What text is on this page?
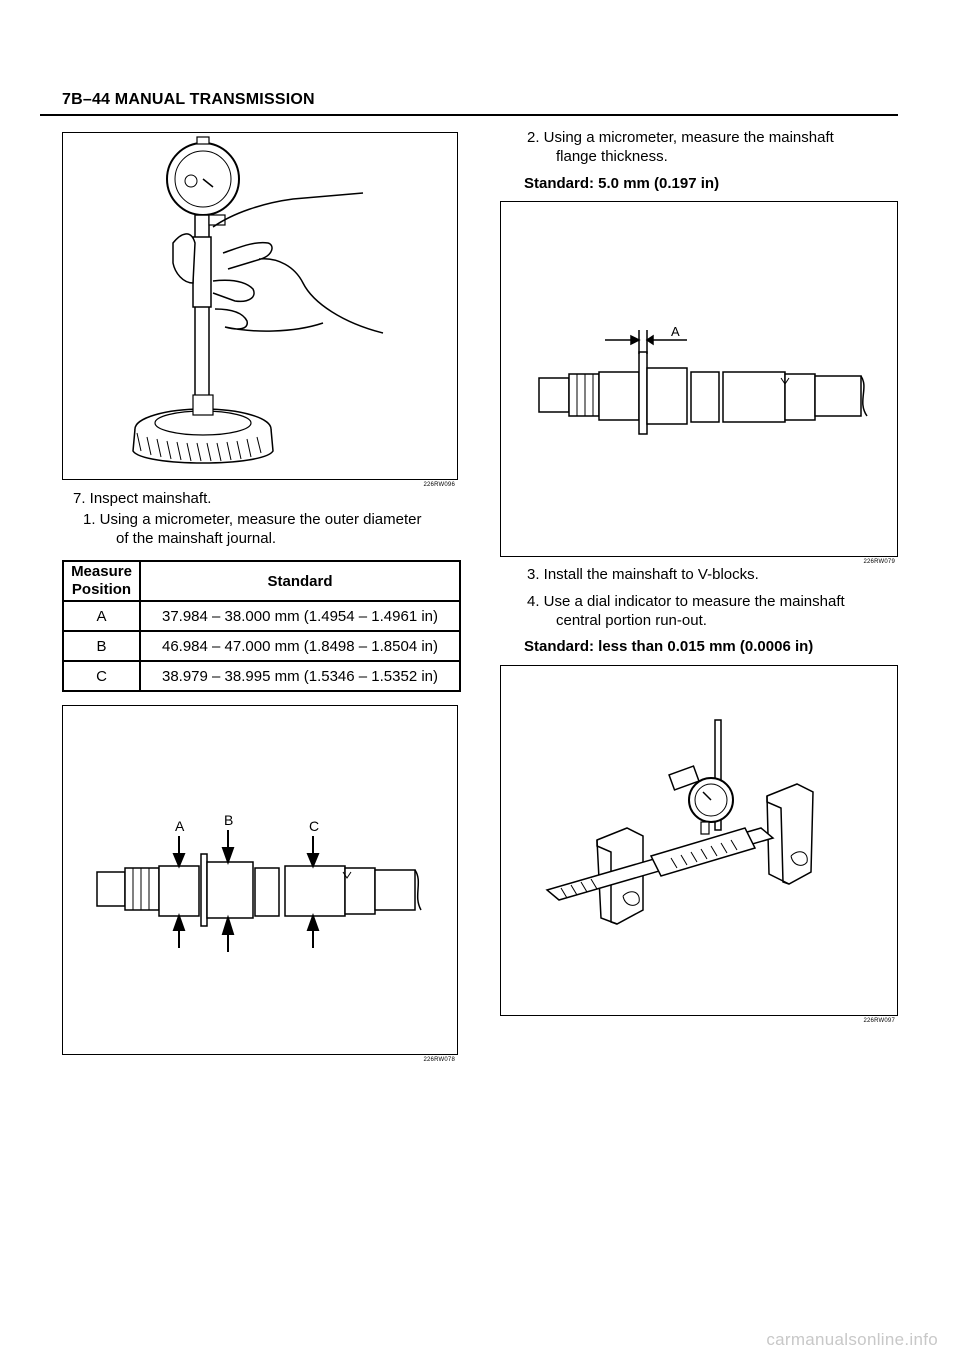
7B–44 MANUAL TRANSMISSION
226RW096
7. Inspect mainshaft.
1. Using a micrometer, measure the outer diameter
of the mainshaft journal.
Measure
Position	Standard
A	37.984 – 38.000 mm (1.4954 – 1.4961 in)
B	46.984 – 47.000 mm (1.8498 – 1.8504 in)
C	38.979 – 38.995 mm (1.5346 – 1.5352 in)
A	B	C
226RW078
2. Using a micrometer, measure the mainshaft
flange thickness.
Standard: 5.0 mm (0.197 in)
A
226RW079
3. Install the mainshaft to V-blocks.
4. Use a dial indicator to measure the mainshaft
central portion run-out.
Standard: less than 0.015 mm (0.0006 in)
226RW097
carmanualsonline.info
